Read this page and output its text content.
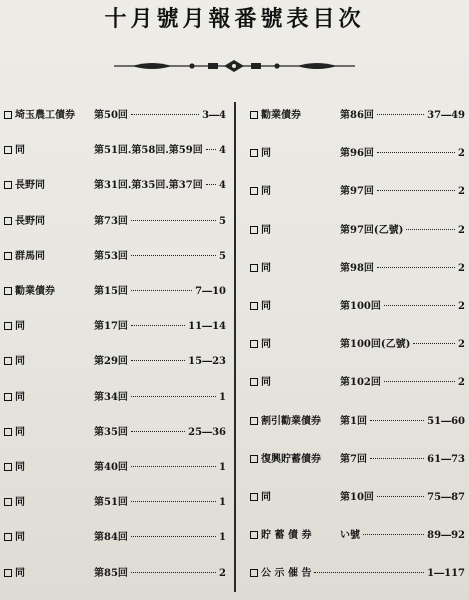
十月號月報番號表目次
埼玉農工債券 第50回	3―4
同	第51回.第58回.第59回 4
長野同	第31回.第35回.第37回 4
長野同	第73回	5
群馬同	第53回	5
勸業債券	第15回	7―10
同	第17回	11―14
同	第29回	15―23
同	第34回	1
同	第35回	25―36
同	第40回	1
同	第51回	1
同	第84回	1
同	第85回	2
勸業債券	第86回	37―49
同	第96回	2
同	第97回	2
同	第97回(乙號)	2
同	第98回	2
同	第100回	2
同	第100回(乙號)	2
同	第102回	2
割引勸業債券 第1回	51―60
復興貯蓄債券 第7回	61―73
同	第10回	75―87
貯 蓄 債 券	い號	89―92
公 示 催 告	1―117
